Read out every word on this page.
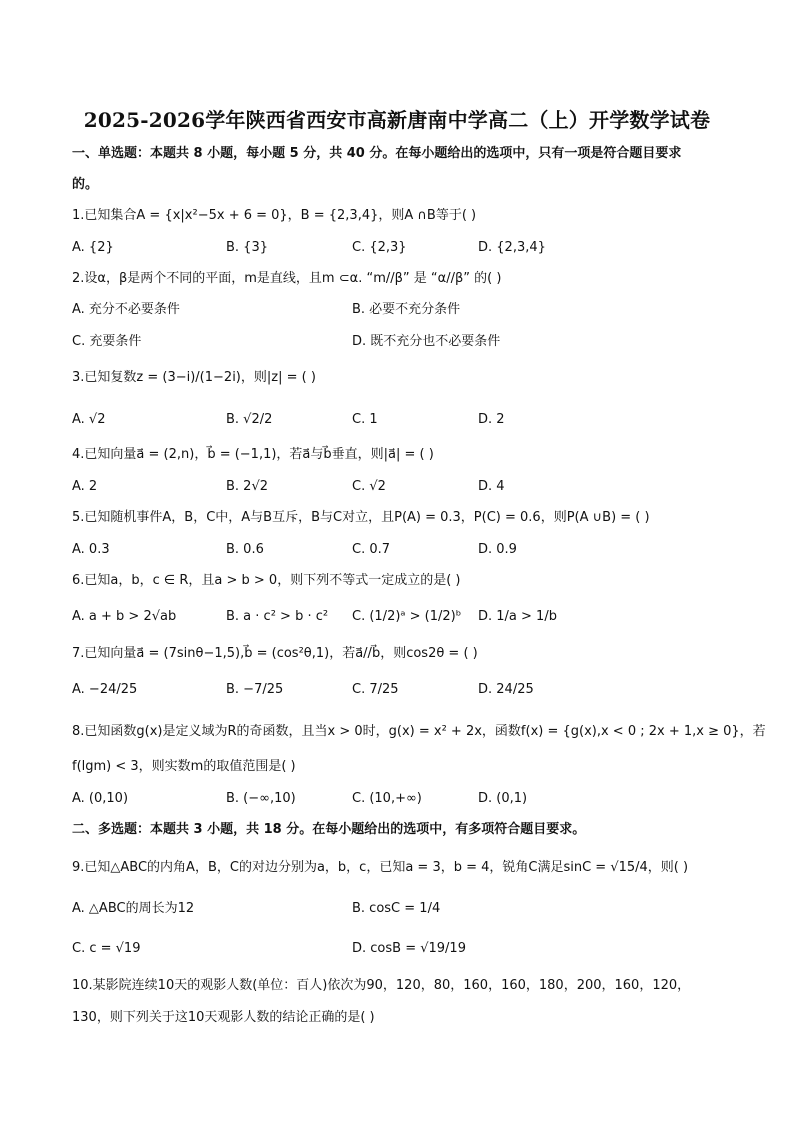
2025-2026学年陕西省西安市高新唐南中学高二（上）开学数学试卷
一、单选题：本题共 8 小题，每小题 5 分，共 40 分。在每小题给出的选项中，只有一项是符合题目要求
的。
1.已知集合A = {x|x²−5x + 6 = 0}，B = {2,3,4}，则A ∩B等于( )
A. {2}	B. {3}	C. {2,3}	D. {2,3,4}
2.设α，β是两个不同的平面，m是直线，且m ⊂α. “m//β” 是 “α//β” 的( )
A. 充分不必要条件	B. 必要不充分条件
C. 充要条件	D. 既不充分也不必要条件
3.已知复数z = (3−i)/(1−2i)，则|z| = ( )
A. √2	B. √2/2	C. 1	D. 2
4.已知向量a⃗ = (2,n)，b⃗ = (−1,1)，若a⃗与b⃗垂直，则|a⃗| = ( )
A. 2	B. 2√2	C. √2	D. 4
5.已知随机事件A，B，C中，A与B互斥，B与C对立，且P(A) = 0.3，P(C) = 0.6，则P(A ∪B) = ( )
A. 0.3	B. 0.6	C. 0.7	D. 0.9
6.已知a，b，c ∈ R，且a > b > 0，则下列不等式一定成立的是( )
A. a + b > 2√ab	B. a · c² > b · c² C. (1/2)ᵃ > (1/2)ᵇ D. 1/a > 1/b
7.已知向量a⃗ = (7sinθ−1,5),b⃗ = (cos²θ,1)，若a⃗//b⃗，则cos2θ = ( )
A. −24/25	B. −7/25	C. 7/25	D. 24/25
8.已知函数g(x)是定义域为R的奇函数，且当x > 0时，g(x) = x² + 2x，函数f(x) = {g(x),x < 0 ; 2x + 1,x ≥ 0}，若
f(lgm) < 3，则实数m的取值范围是( )
A. (0,10)	B. (−∞,10)	C. (10,+∞)	D. (0,1)
二、多选题：本题共 3 小题，共 18 分。在每小题给出的选项中，有多项符合题目要求。
9.已知△ABC的内角A，B，C的对边分别为a，b，c，已知a = 3，b = 4，锐角C满足sinC = √15/4，则( )
A. △ABC的周长为12	B. cosC = 1/4
C. c = √19	D. cosB = √19/19
10.某影院连续10天的观影人数(单位：百人)依次为90，120，80，160，160，180，200，160，120，
130，则下列关于这10天观影人数的结论正确的是( )
